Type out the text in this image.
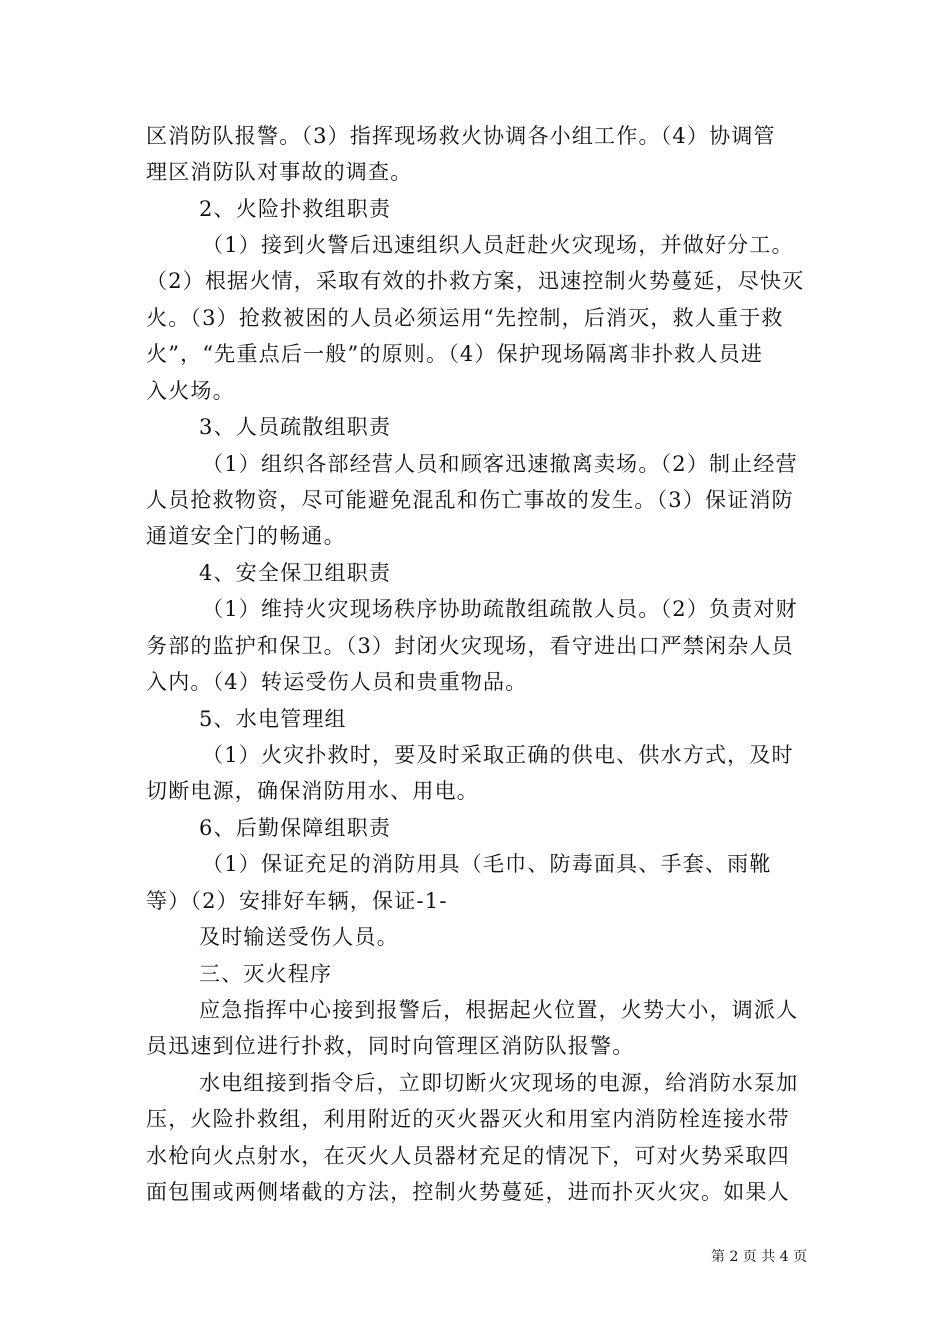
区消防队报警。（3）指挥现场救火协调各小组工作。（4）协调管
理区消防队对事故的调查。
2、火险扑救组职责
（1）接到火警后迅速组织人员赶赴火灾现场，并做好分工。
（2）根据火情，采取有效的扑救方案，迅速控制火势蔓延，尽快灭
火。（3）抢救被困的人员必须运用“先控制，后消灭，救人重于救
火”，“先重点后一般”的原则。（4）保护现场隔离非扑救人员进
入火场。
3、人员疏散组职责
（1）组织各部经营人员和顾客迅速撤离卖场。（2）制止经营
人员抢救物资，尽可能避免混乱和伤亡事故的发生。（3）保证消防
通道安全门的畅通。
4、安全保卫组职责
（1）维持火灾现场秩序协助疏散组疏散人员。（2）负责对财
务部的监护和保卫。（3）封闭火灾现场，看守进出口严禁闲杂人员
入内。（4）转运受伤人员和贵重物品。
5、水电管理组
（1）火灾扑救时，要及时采取正确的供电、供水方式，及时
切断电源，确保消防用水、用电。
6、后勤保障组职责
（1）保证充足的消防用具（毛巾、防毒面具、手套、雨靴
等）（2）安排好车辆，保证-1-
及时输送受伤人员。
三、灭火程序
应急指挥中心接到报警后，根据起火位置，火势大小，调派人
员迅速到位进行扑救，同时向管理区消防队报警。
水电组接到指令后，立即切断火灾现场的电源，给消防水泵加
压，火险扑救组，利用附近的灭火器灭火和用室内消防栓连接水带
水枪向火点射水，在灭火人员器材充足的情况下，可对火势采取四
面包围或两侧堵截的方法，控制火势蔓延，进而扑灭火灾。如果人
第 2 页 共 4 页
